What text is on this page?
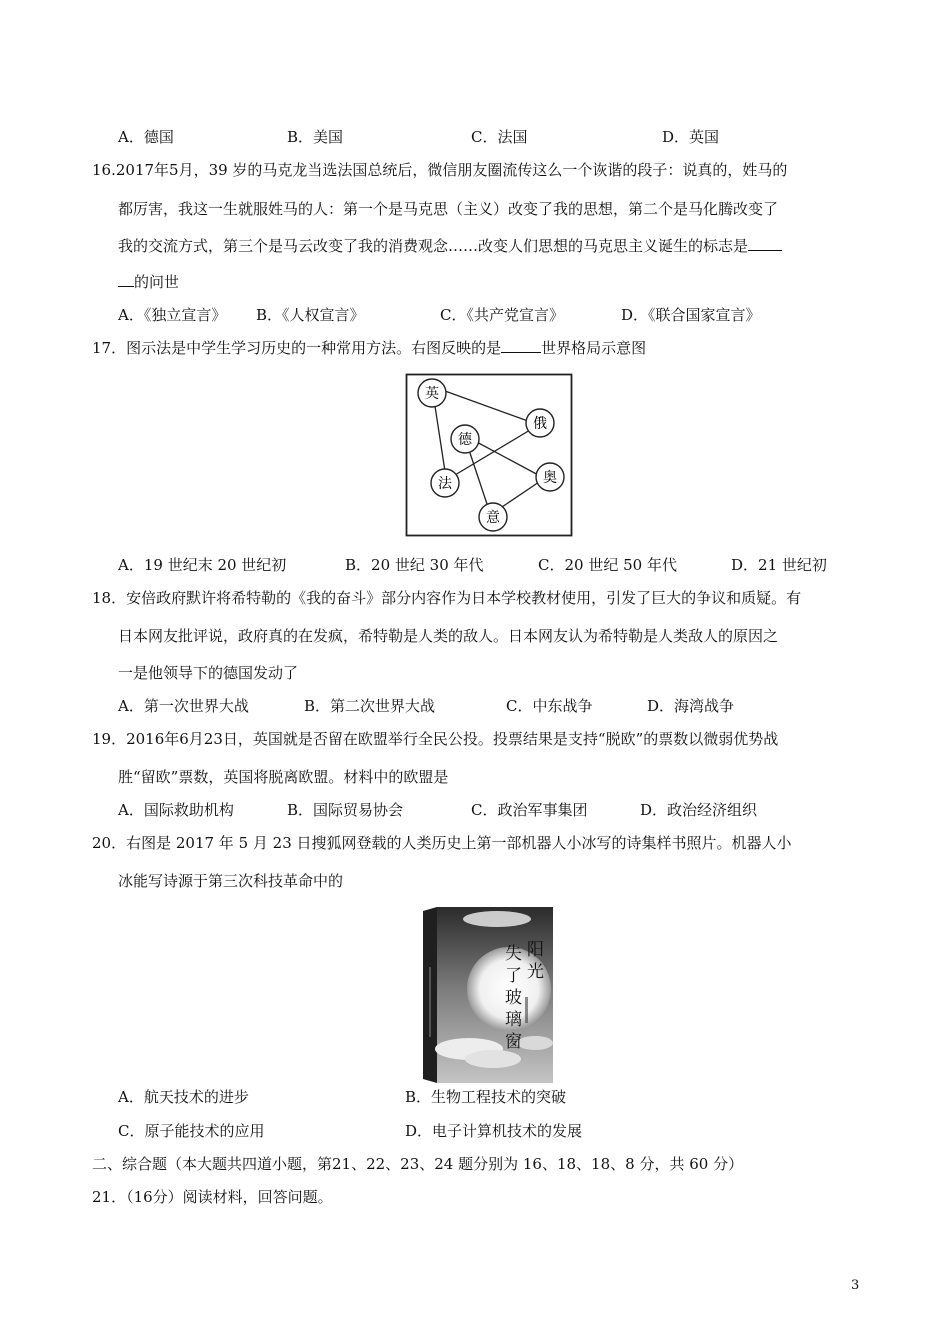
A．德国	B．美国	C．法国	D．英国
16.2017年5月，39 岁的马克龙当选法国总统后，微信朋友圈流传这么一个诙谐的段子：说真的，姓马的
都厉害，我这一生就服姓马的人：第一个是马克思（主义）改变了我的思想，第二个是马化腾改变了
我的交流方式，第三个是马云改变了我的消费观念……改变人们思想的马克思主义诞生的标志是
的问世
A．《独立宣言》 B．《人权宣言》	C．《共产党宣言》	D．《联合国家宣言》
17．图示法是中学生学习历史的一种常用方法。右图反映的是	世界格局示意图
英
俄
德
法	奥
意
A．19 世纪末 20 世纪初	B．20 世纪 30 年代	C．20 世纪 50 年代	D．21 世纪初
18．安倍政府默许将希特勒的《我的奋斗》部分内容作为日本学校教材使用，引发了巨大的争议和质疑。有
日本网友批评说，政府真的在发疯，希特勒是人类的敌人。日本网友认为希特勒是人类敌人的原因之
一是他领导下的德国发动了
A．第一次世界大战	B．第二次世界大战	C．中东战争	D．海湾战争
19．2016年6月23日，英国就是否留在欧盟举行全民公投。投票结果是支持“脱欧”的票数以微弱优势战
胜“留欧”票数，英国将脱离欧盟。材料中的欧盟是
A．国际救助机构	B．国际贸易协会	C．政治军事集团	D．政治经济组织
20．右图是 2017 年 5 月 23 日搜狐网登载的人类历史上第一部机器人小冰写的诗集样书照片。机器人小
冰能写诗源于第三次科技革命中的
阳 光
失 了 玻 璃 窗
A．航天技术的进步	B．生物工程技术的突破
C．原子能技术的应用	D．电子计算机技术的发展
二、综合题（本大题共四道小题，第21、22、23、24 题分别为 16、18、18、8 分，共 60 分）
21．（16分）阅读材料，回答问题。
3
